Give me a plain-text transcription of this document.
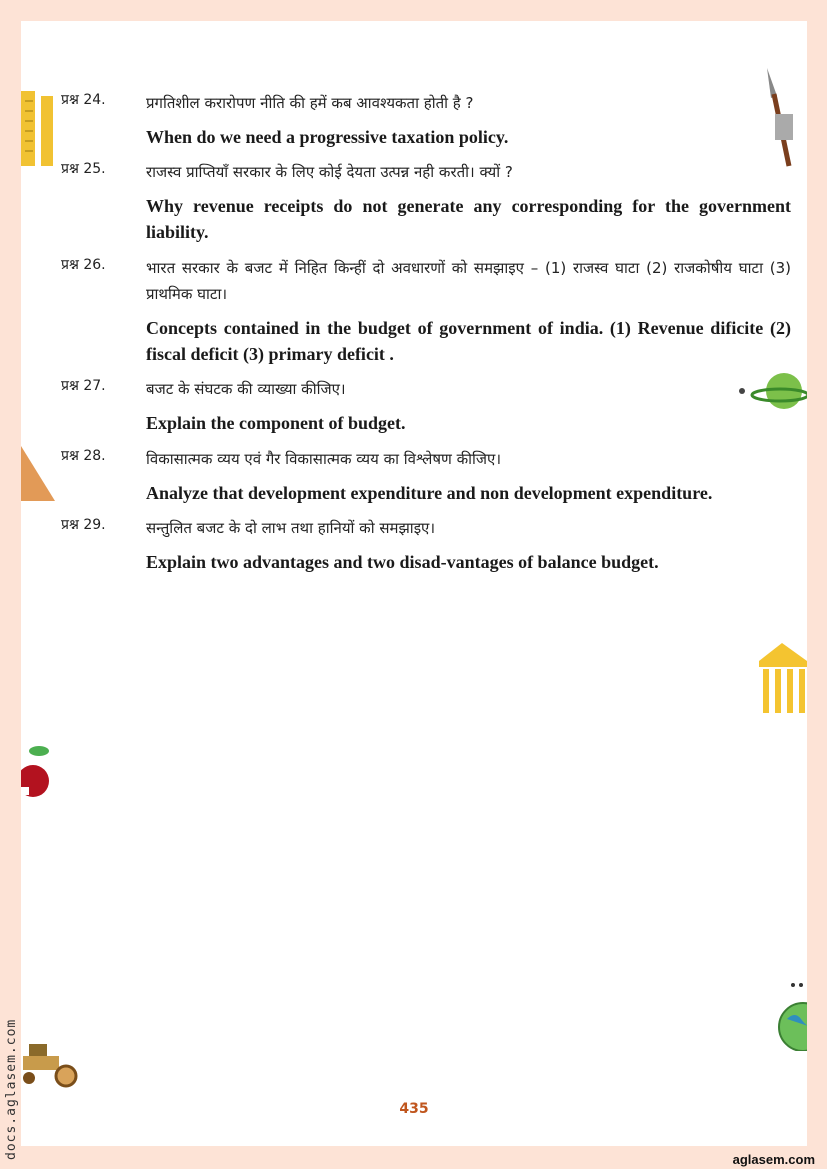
प्रश्न 24.	प्रगतिशील करारोपण नीति की हमें कब आवश्यकता होती है ?
When do we need a progressive taxation policy.
प्रश्न 25.	राजस्व प्राप्तियाँ सरकार के लिए कोई देयता उत्पन्न नही करती। क्यों ?
Why revenue receipts do not generate any corresponding for the government liability.
प्रश्न 26.	भारत सरकार के बजट में निहित किन्हीं दो अवधारणों को समझाइए – (1) राजस्व घाटा (2) राजकोषीय घाटा (3) प्राथमिक घाटा।
Concepts contained in the budget of government of india. (1) Revenue dificite (2) fiscal deficit (3) primary deficit .
प्रश्न 27.	बजट के संघटक की व्याख्या कीजिए।
Explain the component of budget.
प्रश्न 28.	विकासात्मक व्यय एवं गैर विकासात्मक व्यय का विश्लेषण कीजिए।
Analyze that development expenditure and non development expenditure.
प्रश्न 29.	सन्तुलित बजट के दो लाभ तथा हानियों को समझाइए।
Explain two advantages and two disad-vantages of balance budget.
435
docs.aglasem.com	aglasem.com
